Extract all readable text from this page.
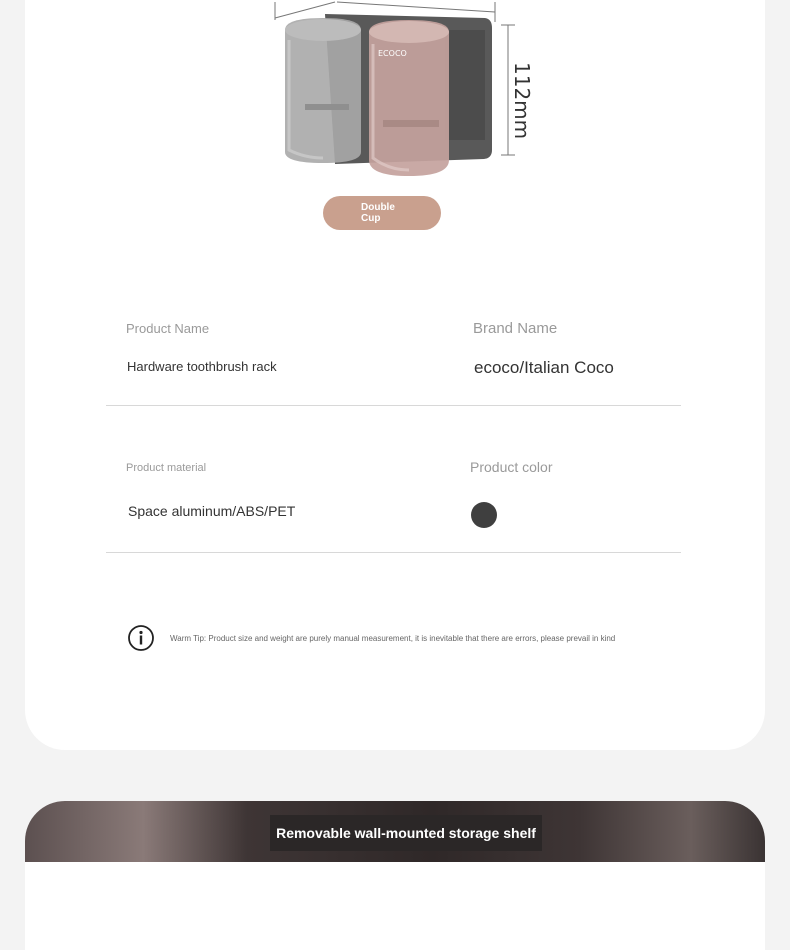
ECOCO
112mm
Double
Cup
Product Name
Hardware toothbrush rack
Brand Name
ecoco/Italian Coco
Product material
Space aluminum/ABS/PET
Product color
Warm Tip: Product size and weight are purely manual measurement, it is inevitable that there are errors, please prevail in kind
Removable wall-mounted storage shelf
